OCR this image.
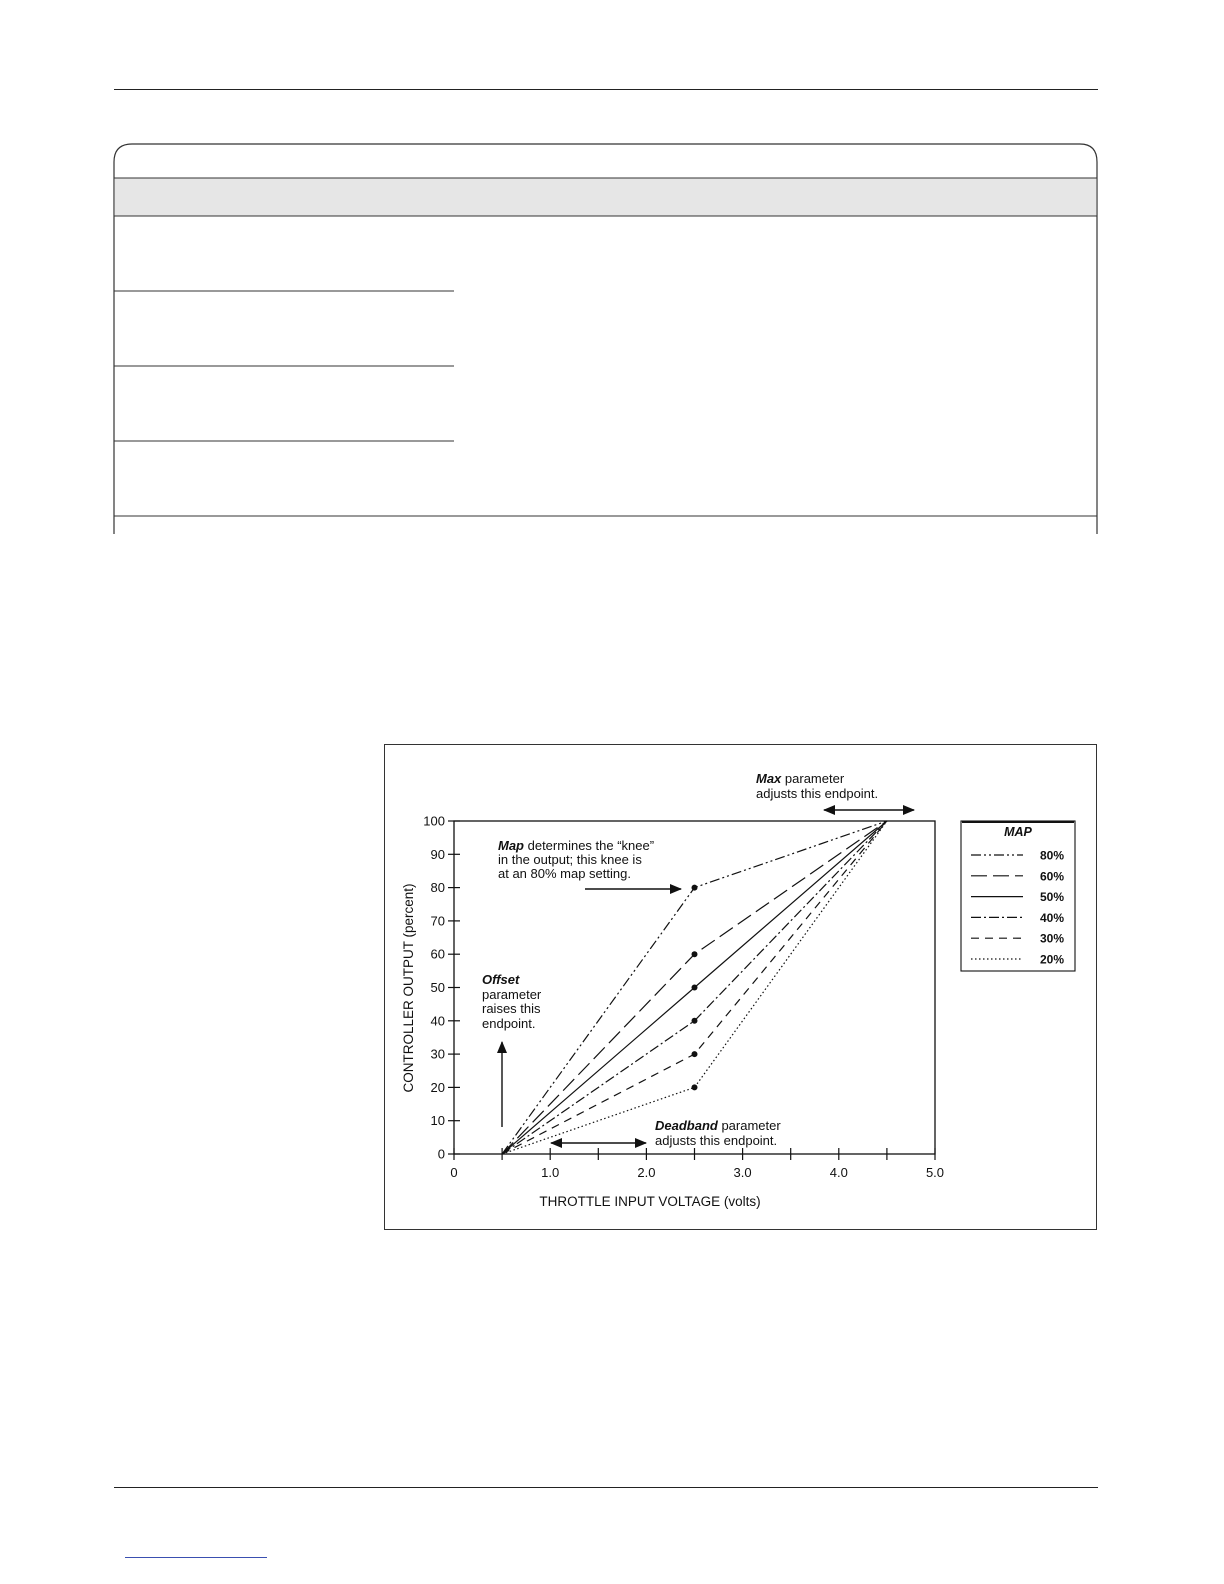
0	1.0	2.0	3.0	4.0	5.0
0
10
20
30
40
50
60
70
80
90
100
MAP
80%
60%
50%
40%
30%
20%
THROTTLE INPUT VOLTAGE (volts)
CONTROLLER OUTPUT (percent)
Max parameter
adjusts this endpoint.
Map determines the “knee”
in the output; this knee is
at an 80% map setting.
Offset
parameter
raises this
endpoint.
Deadband parameter
adjusts this endpoint.
